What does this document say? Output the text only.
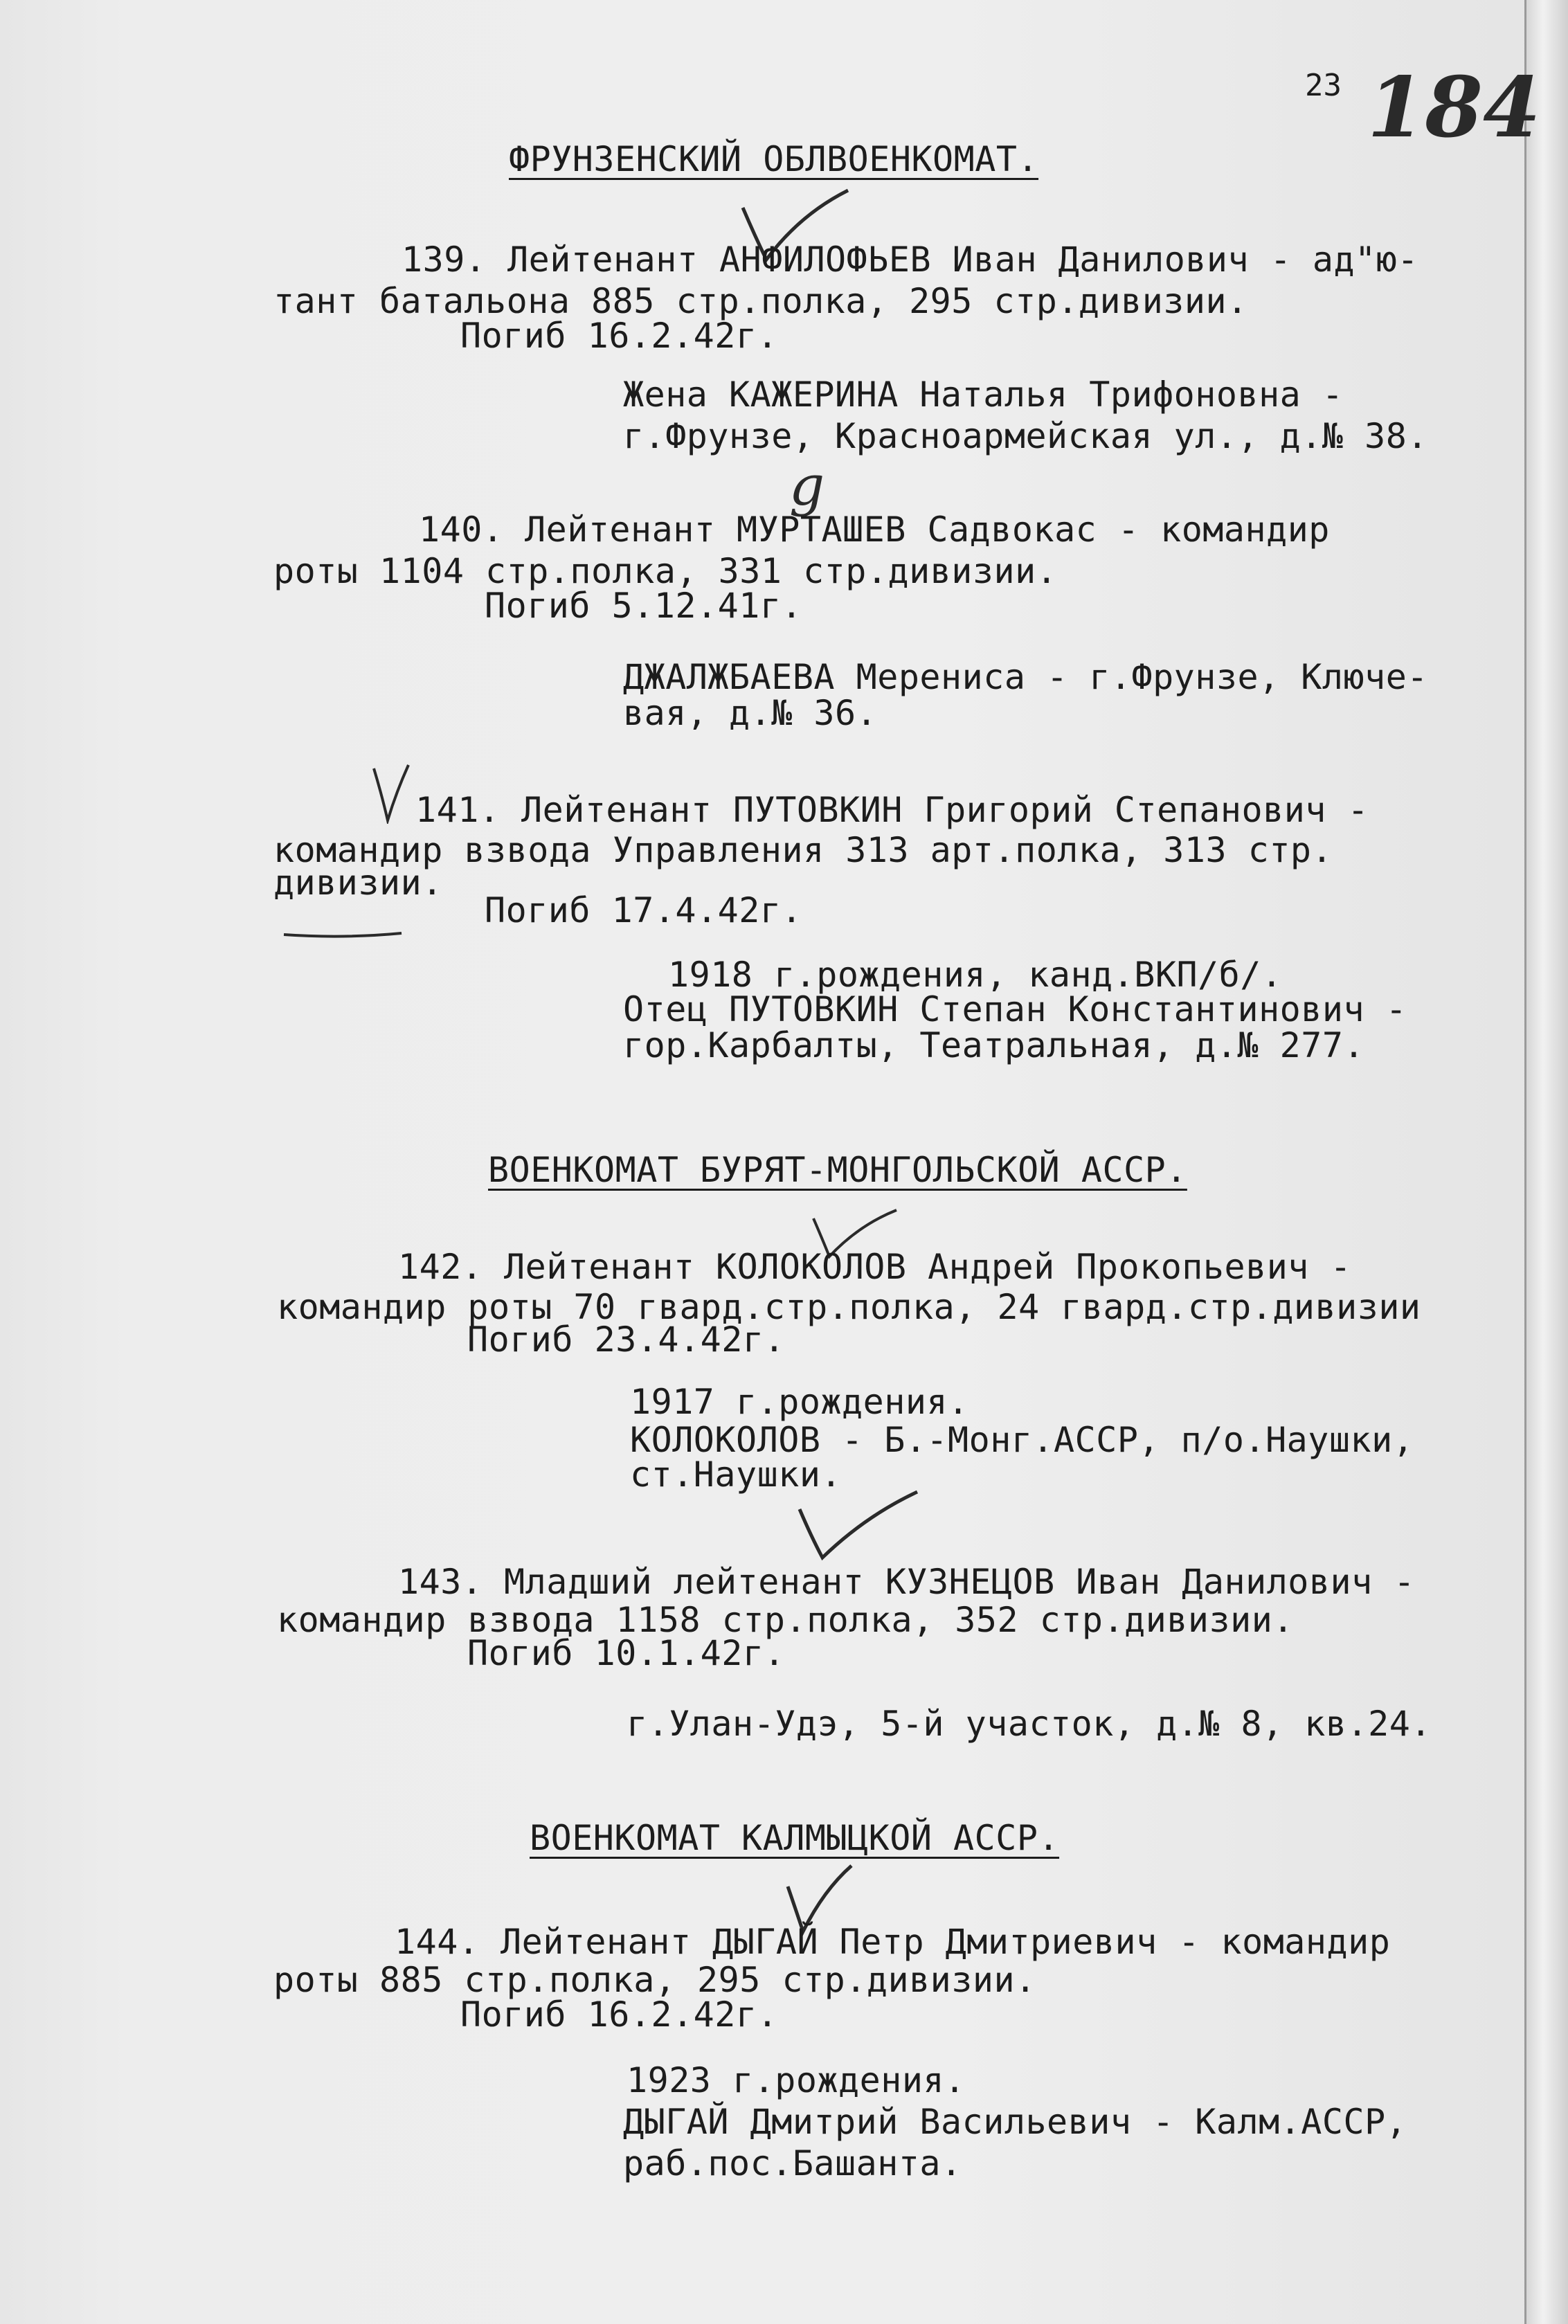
23 184
ФРУНЗЕНСКИЙ ОБЛВОЕНКОМАТ.
139. Лейтенант АНФИЛОФЬЕВ Иван Данилович - ад"ю-
тант батальона 885 стр.полка, 295 стр.дивизии.
Погиб 16.2.42г.
Жена КАЖЕРИНА Наталья Трифоновна -
г.Фрунзе, Красноармейская ул., д.№ 38.
g
140. Лейтенант МУРТАШЕВ Садвокас - командир
роты 1104 стр.полка, 331 стр.дивизии.
Погиб 5.12.41г.
ДЖАЛЖБАЕВА Мерениса - г.Фрунзе, Ключе-
вая, д.№ 36.
141. Лейтенант ПУТОВКИН Григорий Степанович -
командир взвода Управления 313 арт.полка, 313 стр.
дивизии.
Погиб 17.4.42г.
1918 г.рождения, канд.ВКП/б/.
Отец ПУТОВКИН Степан Константинович -
гор.Карбалты, Театральная, д.№ 277.
ВОЕНКОМАТ БУРЯТ-МОНГОЛЬСКОЙ АССР.
142. Лейтенант КОЛОКОЛОВ Андрей Прокопьевич -
командир роты 70 гвард.стр.полка, 24 гвард.стр.дивизии
Погиб 23.4.42г.
1917 г.рождения.
КОЛОКОЛОВ - Б.-Монг.АССР, п/о.Наушки,
ст.Наушки.
143. Младший лейтенант КУЗНЕЦОВ Иван Данилович -
командир взвода 1158 стр.полка, 352 стр.дивизии.
Погиб 10.1.42г.
г.Улан-Удэ, 5-й участок, д.№ 8, кв.24.
ВОЕНКОМАТ КАЛМЫЦКОЙ АССР.
144. Лейтенант ДЫГАЙ Петр Дмитриевич - командир
роты 885 стр.полка, 295 стр.дивизии.
Погиб 16.2.42г.
1923 г.рождения.
ДЫГАЙ Дмитрий Васильевич - Калм.АССР,
раб.пос.Башанта.
